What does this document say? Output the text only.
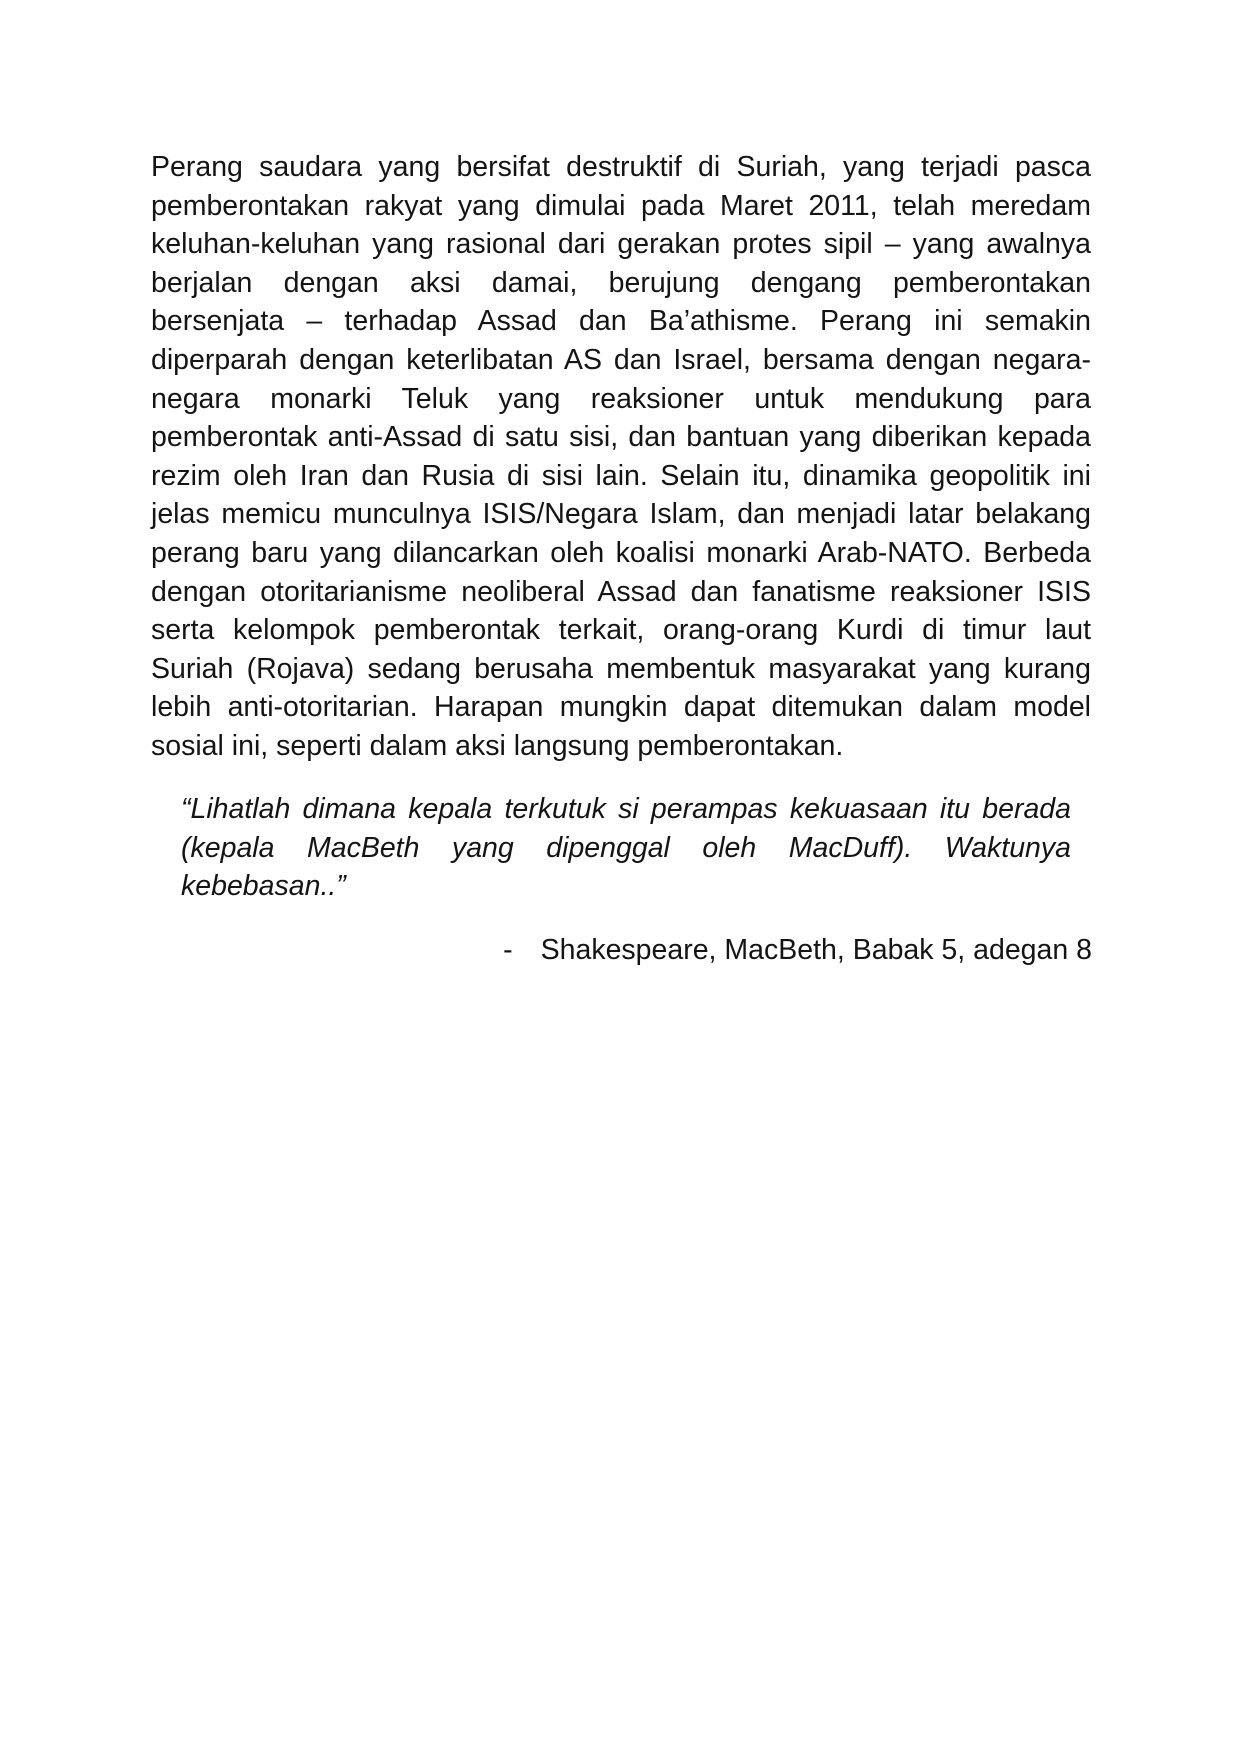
Perang saudara yang bersifat destruktif di Suriah, yang terjadi pasca pemberontakan rakyat yang dimulai pada Maret 2011, telah meredam keluhan-keluhan yang rasional dari gerakan protes sipil – yang awalnya berjalan dengan aksi damai, berujung dengang pemberontakan bersenjata – terhadap Assad dan Ba’athisme. Perang ini semakin diperparah dengan keterlibatan AS dan Israel, bersama dengan negara-negara monarki Teluk yang reaksioner untuk mendukung para pemberontak anti-Assad di satu sisi, dan bantuan yang diberikan kepada rezim oleh Iran dan Rusia di sisi lain. Selain itu, dinamika geopolitik ini jelas memicu munculnya ISIS/Negara Islam, dan menjadi latar belakang perang baru yang dilancarkan oleh koalisi monarki Arab-NATO. Berbeda dengan otoritarianisme neoliberal Assad dan fanatisme reaksioner ISIS serta kelompok pemberontak terkait, orang-orang Kurdi di timur laut Suriah (Rojava) sedang berusaha membentuk masyarakat yang kurang lebih anti-otoritarian. Harapan mungkin dapat ditemukan dalam model sosial ini, seperti dalam aksi langsung pemberontakan.

“Lihatlah dimana kepala terkutuk si perampas kekuasaan itu berada (kepala MacBeth yang dipenggal oleh MacDuff). Waktunya kebebasan..”

- Shakespeare, MacBeth, Babak 5, adegan 8
